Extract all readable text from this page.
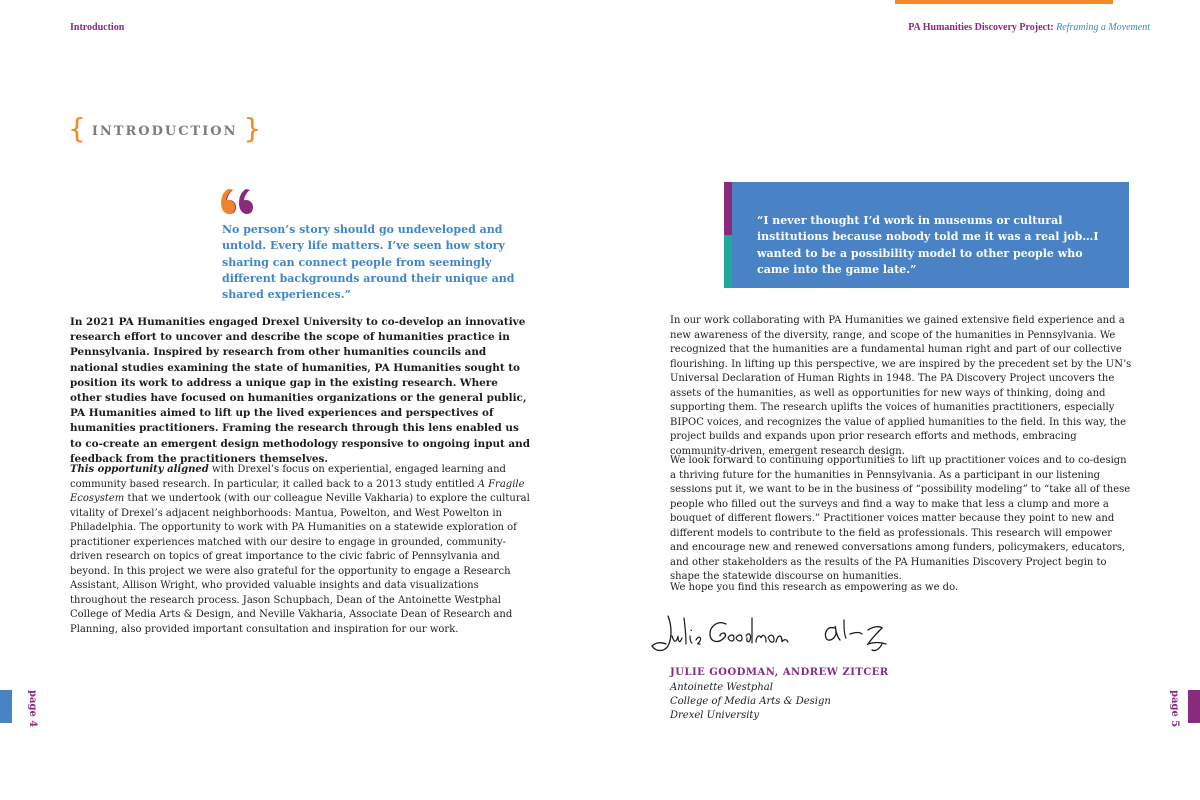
Introduction	PA Humanities Discovery Project: Reframing a Movement
{ INTRODUCTION }
No person’s story should go undeveloped and untold. Every life matters. I’ve seen how story sharing can connect people from seemingly different backgrounds around their unique and shared experiences.”
In 2021 PA Humanities engaged Drexel University to co-develop an innovative research effort to uncover and describe the scope of humanities practice in Pennsylvania. Inspired by research from other humanities councils and national studies examining the state of humanities, PA Humanities sought to position its work to address a unique gap in the existing research. Where other studies have focused on humanities organizations or the general public, PA Humanities aimed to lift up the lived experiences and perspectives of humanities practitioners. Framing the research through this lens enabled us to co-create an emergent design methodology responsive to ongoing input and feedback from the practitioners themselves.
This opportunity aligned with Drexel’s focus on experiential, engaged learning and community based research. In particular, it called back to a 2013 study entitled A Fragile Ecosystem that we undertook (with our colleague Neville Vakharia) to explore the cultural vitality of Drexel’s adjacent neighborhoods: Mantua, Powelton, and West Powelton in Philadelphia. The opportunity to work with PA Humanities on a statewide exploration of practitioner experiences matched with our desire to engage in grounded, community-driven research on topics of great importance to the civic fabric of Pennsylvania and beyond. In this project we were also grateful for the opportunity to engage a Research Assistant, Allison Wright, who provided valuable insights and data visualizations throughout the research process. Jason Schupbach, Dean of the Antoinette Westphal College of Media Arts & Design, and Neville Vakharia, Associate Dean of Research and Planning, also provided important consultation and inspiration for our work.
“I never thought I’d work in museums or cultural institutions because nobody told me it was a real job…I wanted to be a possibility model to other people who came into the game late.”
In our work collaborating with PA Humanities we gained extensive field experience and a new awareness of the diversity, range, and scope of the humanities in Pennsylvania. We recognized that the humanities are a fundamental human right and part of our collective flourishing. In lifting up this perspective, we are inspired by the precedent set by the UN’s Universal Declaration of Human Rights in 1948. The PA Discovery Project uncovers the assets of the humanities, as well as opportunities for new ways of thinking, doing and supporting them. The research uplifts the voices of humanities practitioners, especially BIPOC voices, and recognizes the value of applied humanities to the field. In this way, the project builds and expands upon prior research efforts and methods, embracing community-driven, emergent research design.
We look forward to continuing opportunities to lift up practitioner voices and to co-design a thriving future for the humanities in Pennsylvania. As a participant in our listening sessions put it, we want to be in the business of “possibility modeling” to “take all of these people who filled out the surveys and find a way to make that less a clump and more a bouquet of different flowers.” Practitioner voices matter because they point to new and different models to contribute to the field as professionals. This research will empower and encourage new and renewed conversations among funders, policymakers, educators, and other stakeholders as the results of the PA Humanities Discovery Project begin to shape the statewide discourse on humanities.
We hope you find this research as empowering as we do.
JULIE GOODMAN, ANDREW ZITCER
Antoinette Westphal
College of Media Arts & Design
Drexel University
page 4	page 5
